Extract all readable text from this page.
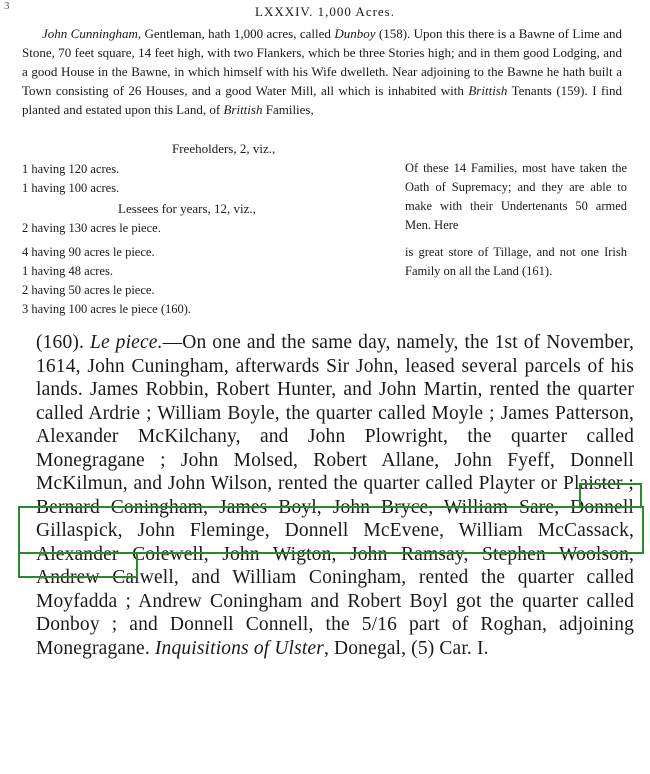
3	LXXXIV. 1,000 Acres.

John Cunningham, Gentleman, hath 1,000 acres, called Dunboy (158). Upon this there is a Bawne of Lime and Stone, 70 feet square, 14 feet high, with two Flankers, which be three Stories high; and in them good Lodging, and a good House in the Bawne, in which himself with his Wife dwelleth. Near adjoining to the Bawne he hath built a Town consisting of 26 Houses, and a good Water Mill, all which is inhabited with Brittish Tenants (159). I find planted and estated upon this Land, of Brittish Families,

Freeholders, 2, viz.,
1 having 120 acres.
1 having 100 acres.
Lessees for years, 12, viz.,
2 having 130 acres le piece.
4 having 90 acres le piece.
1 having 48 acres.
2 having 50 acres le piece.
3 having 100 acres le piece (160).
Of these 14 Families, most have taken the Oath of Supremacy; and they are able to make with their Undertenants 50 armed Men. Here
is great store of Tillage, and not one Irish Family on all the Land (161).

(160). Le piece.—On one and the same day, namely, the 1st of November, 1614, John Cuningham, afterwards Sir John, leased several parcels of his lands. James Robbin, Robert Hunter, and John Martin, rented the quarter called Ardrie ; William Boyle, the quarter called Moyle ; James Patterson, Alexander McKilchany, and John Plowright, the quarter called Monegragane ; John Molsed, Robert Allane, John Fyeff, Donnell McKilmun, and John Wilson, rented the quarter called Playter or Plaister ; Bernard Coningham, James Boyl, John Bryce, William Sare, Donnell Gillaspick, John Fleminge, Donnell McEvene, William McCassack, Alexander Colewell, John Wigton, John Ramsay, Stephen Woolson, Andrew Calwell, and William Coningham, rented the quarter called Moyfadda ; Andrew Coningham and Robert Boyl got the quarter called Donboy ; and Donnell Connell, the 5/16 part of Roghan, adjoining Monegragane. Inquisitions of Ulster, Donegal, (5) Car. I.
